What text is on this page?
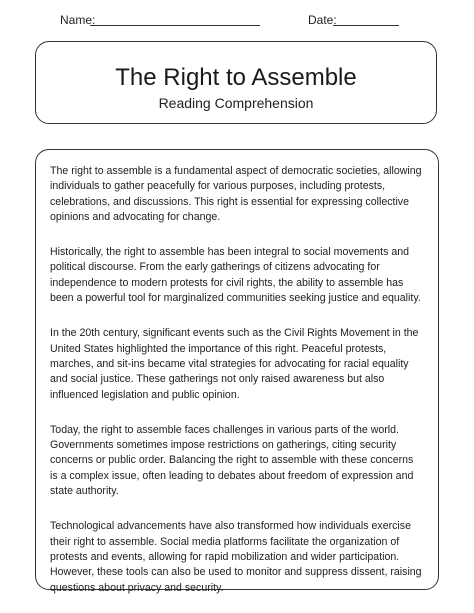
Name:	Date:
The Right to Assemble
Reading Comprehension

The right to assemble is a fundamental aspect of democratic societies, allowing individuals to gather peacefully for various purposes, including protests, celebrations, and discussions. This right is essential for expressing collective opinions and advocating for change.

Historically, the right to assemble has been integral to social movements and political discourse. From the early gatherings of citizens advocating for independence to modern protests for civil rights, the ability to assemble has been a powerful tool for marginalized communities seeking justice and equality.

In the 20th century, significant events such as the Civil Rights Movement in the United States highlighted the importance of this right. Peaceful protests, marches, and sit-ins became vital strategies for advocating for racial equality and social justice. These gatherings not only raised awareness but also influenced legislation and public opinion.

Today, the right to assemble faces challenges in various parts of the world. Governments sometimes impose restrictions on gatherings, citing security concerns or public order. Balancing the right to assemble with these concerns is a complex issue, often leading to debates about freedom of expression and state authority.

Technological advancements have also transformed how individuals exercise their right to assemble. Social media platforms facilitate the organization of protests and events, allowing for rapid mobilization and wider participation. However, these tools can also be used to monitor and suppress dissent, raising questions about privacy and security.
